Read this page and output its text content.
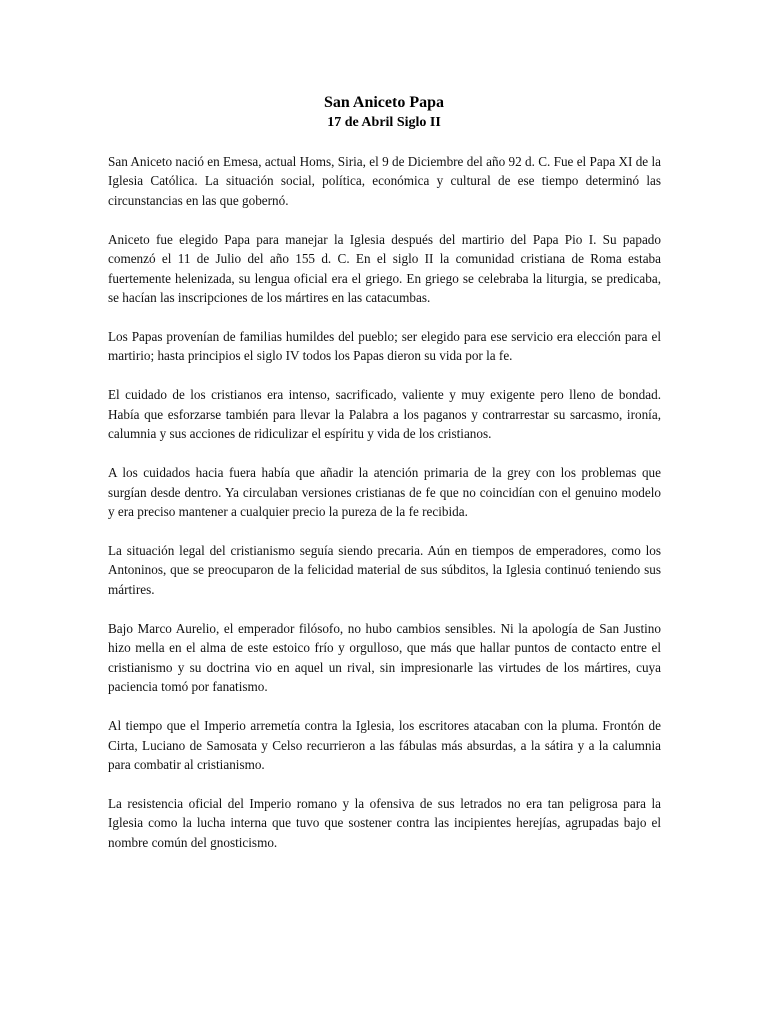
San Aniceto Papa

17 de Abril Siglo II

San Aniceto nació en Emesa, actual Homs, Siria, el 9 de Diciembre del año 92 d. C. Fue el Papa XI de la Iglesia Católica. La situación social, política, económica y cultural de ese tiempo determinó las circunstancias en las que gobernó.

Aniceto fue elegido Papa para manejar la Iglesia después del martirio del Papa Pio I. Su papado comenzó el 11 de Julio del año 155 d. C. En el siglo II la comunidad cristiana de Roma estaba fuertemente helenizada, su lengua oficial era el griego. En griego se celebraba la liturgia, se predicaba, se hacían las inscripciones de los mártires en las catacumbas.

Los Papas provenían de familias humildes del pueblo; ser elegido para ese servicio era elección para el martirio; hasta principios el siglo IV todos los Papas dieron su vida por la fe.

El cuidado de los cristianos era intenso, sacrificado, valiente y muy exigente pero lleno de bondad. Había que esforzarse también para llevar la Palabra a los paganos y contrarrestar su sarcasmo, ironía, calumnia y sus acciones de ridiculizar el espíritu y vida de los cristianos.

A los cuidados hacia fuera había que añadir la atención primaria de la grey con los problemas que surgían desde dentro. Ya circulaban versiones cristianas de fe que no coincidían con el genuino modelo y era preciso mantener a cualquier precio la pureza de la fe recibida.

La situación legal del cristianismo seguía siendo precaria. Aún en tiempos de emperadores, como los Antoninos, que se preocuparon de la felicidad material de sus súbditos, la Iglesia continuó teniendo sus mártires.

Bajo Marco Aurelio, el emperador filósofo, no hubo cambios sensibles. Ni la apología de San Justino hizo mella en el alma de este estoico frío y orgulloso, que más que hallar puntos de contacto entre el cristianismo y su doctrina vio en aquel un rival, sin impresionarle las virtudes de los mártires, cuya paciencia tomó por fanatismo.

Al tiempo que el Imperio arremetía contra la Iglesia, los escritores atacaban con la pluma. Frontón de Cirta, Luciano de Samosata y Celso recurrieron a las fábulas más absurdas, a la sátira y a la calumnia para combatir al cristianismo.

La resistencia oficial del Imperio romano y la ofensiva de sus letrados no era tan peligrosa para la Iglesia como la lucha interna que tuvo que sostener contra las incipientes herejías, agrupadas bajo el nombre común del gnosticismo.
